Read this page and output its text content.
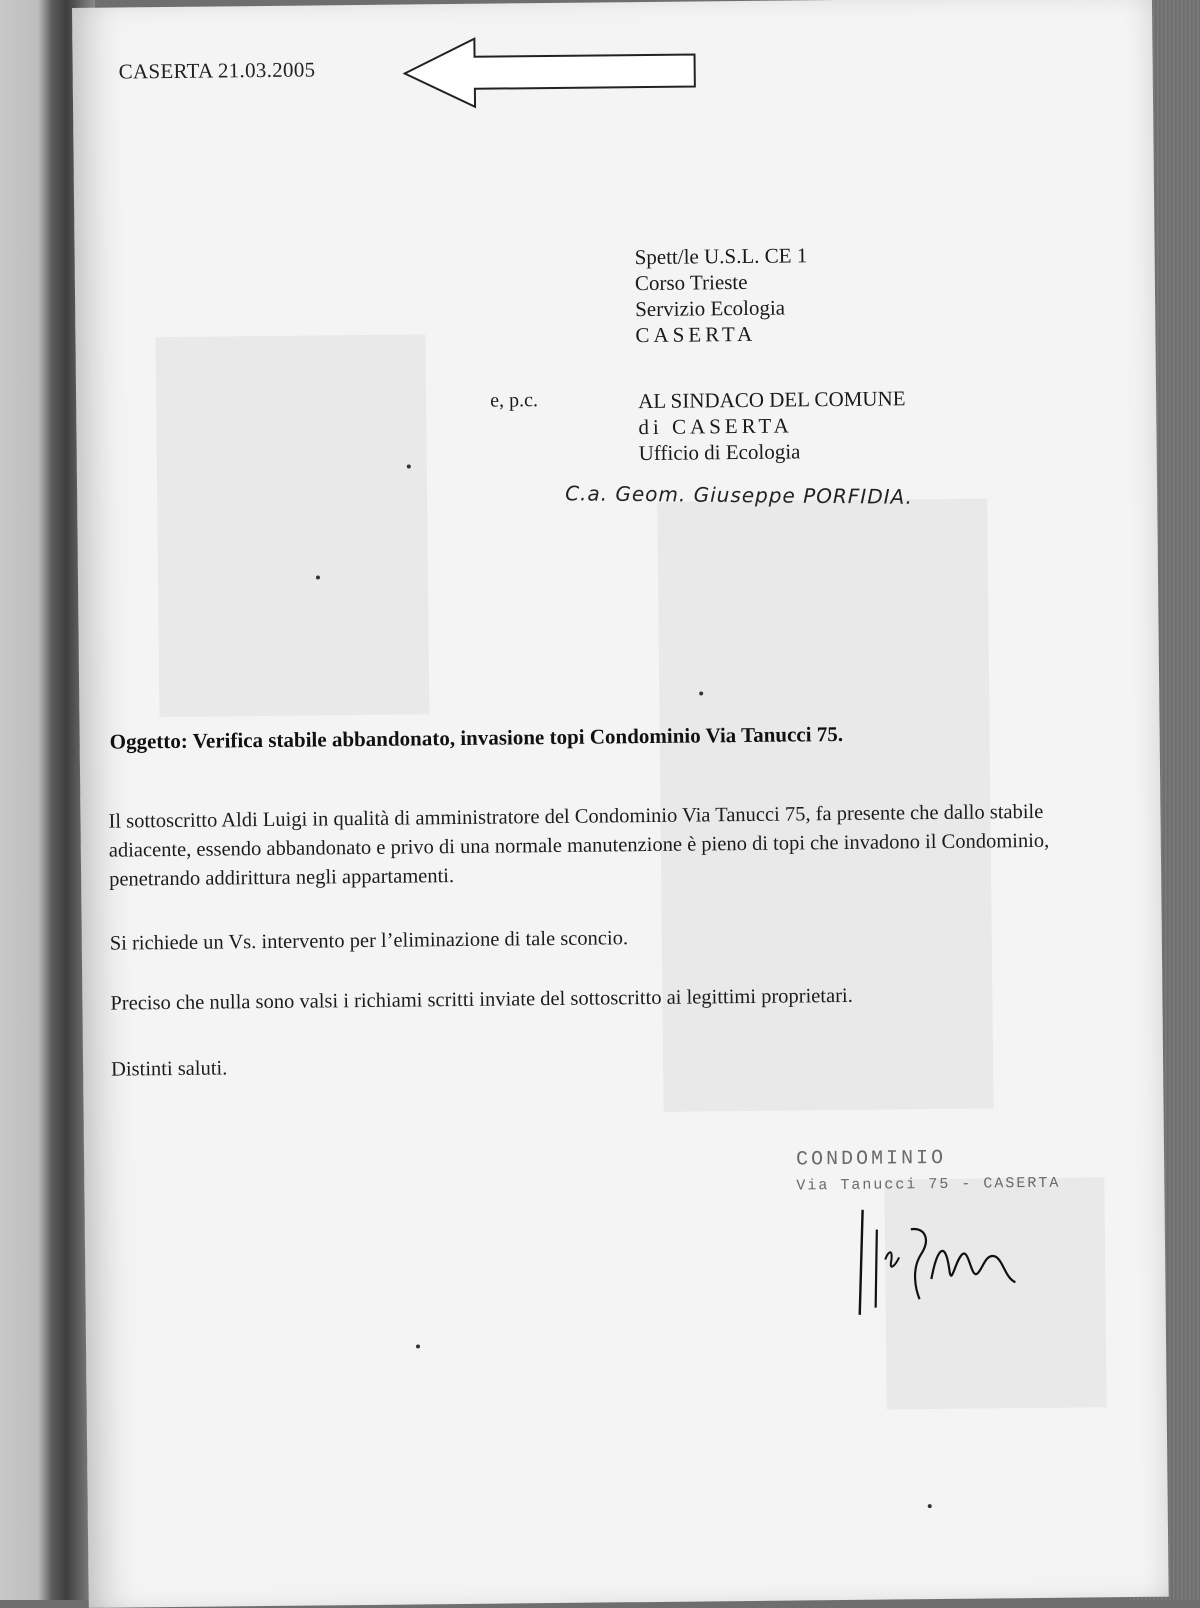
CASERTA 21.03.2005
Spett/le U.S.L. CE 1
Corso Trieste
Servizio Ecologia
CASERTA
e, p.c.	AL SINDACO DEL COMUNE
di CASERTA
Ufficio di Ecologia
C.a. Geom. Giuseppe PORFIDIA.
Oggetto: Verifica stabile abbandonato, invasione topi Condominio Via Tanucci 75.
Il sottoscritto Aldi Luigi in qualità di amministratore del Condominio Via Tanucci 75, fa presente che dallo stabile adiacente, essendo abbandonato e privo di una normale manutenzione è pieno di topi che invadono il Condominio, penetrando addirittura negli appartamenti.
Si richiede un Vs. intervento per l’eliminazione di tale sconcio.
Preciso che nulla sono valsi i richiami scritti inviate del sottoscritto ai legittimi proprietari.
Distinti saluti.
CONDOMINIO
Via Tanucci 75 - CASERTA
